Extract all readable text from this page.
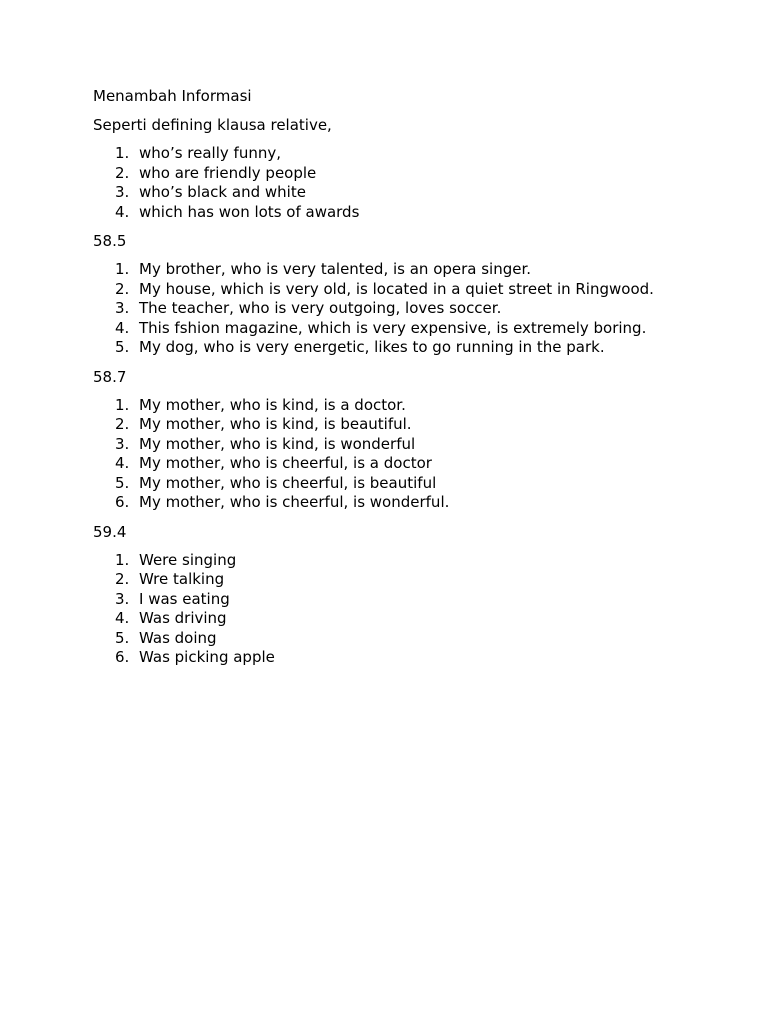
Menambah Informasi

Seperti defining klausa relative,

1. who’s really funny,
2. who are friendly people
3. who’s black and white
4. which has won lots of awards

58.5

1. My brother, who is very talented, is an opera singer.
2. My house, which is very old, is located in a quiet street in Ringwood.
3. The teacher, who is very outgoing, loves soccer.
4. This fshion magazine, which is very expensive, is extremely boring.
5. My dog, who is very energetic, likes to go running in the park.

58.7

1. My mother, who is kind, is a doctor.
2. My mother, who is kind, is beautiful.
3. My mother, who is kind, is wonderful
4. My mother, who is cheerful, is a doctor
5. My mother, who is cheerful, is beautiful
6. My mother, who is cheerful, is wonderful.

59.4

1. Were singing
2. Wre talking
3. I was eating
4. Was driving
5. Was doing
6. Was picking apple
